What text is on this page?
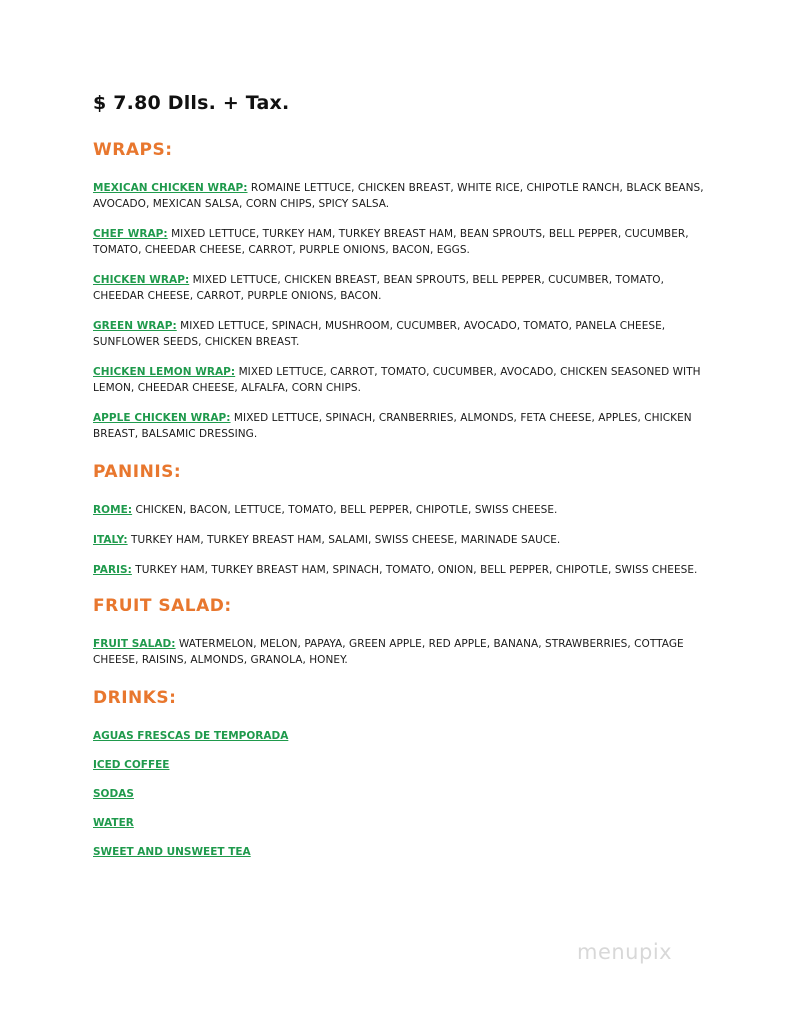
$ 7.80 Dlls. + Tax.
WRAPS:

MEXICAN CHICKEN WRAP: ROMAINE LETTUCE, CHICKEN BREAST, WHITE RICE, CHIPOTLE RANCH, BLACK BEANS, AVOCADO, MEXICAN SALSA, CORN CHIPS, SPICY SALSA.

CHEF WRAP: MIXED LETTUCE, TURKEY HAM, TURKEY BREAST HAM, BEAN SPROUTS, BELL PEPPER, CUCUMBER, TOMATO, CHEEDAR CHEESE, CARROT, PURPLE ONIONS, BACON, EGGS.

CHICKEN WRAP: MIXED LETTUCE, CHICKEN BREAST, BEAN SPROUTS, BELL PEPPER, CUCUMBER, TOMATO, CHEEDAR CHEESE, CARROT, PURPLE ONIONS, BACON.

GREEN WRAP: MIXED LETTUCE, SPINACH, MUSHROOM, CUCUMBER, AVOCADO, TOMATO, PANELA CHEESE, SUNFLOWER SEEDS, CHICKEN BREAST.

CHICKEN LEMON WRAP: MIXED LETTUCE, CARROT, TOMATO, CUCUMBER, AVOCADO, CHICKEN SEASONED WITH LEMON, CHEEDAR CHEESE, ALFALFA, CORN CHIPS.

APPLE CHICKEN WRAP: MIXED LETTUCE, SPINACH, CRANBERRIES, ALMONDS, FETA CHEESE, APPLES, CHICKEN BREAST, BALSAMIC DRESSING.

PANINIS:

ROME: CHICKEN, BACON, LETTUCE, TOMATO, BELL PEPPER, CHIPOTLE, SWISS CHEESE.

ITALY: TURKEY HAM, TURKEY BREAST HAM, SALAMI, SWISS CHEESE, MARINADE SAUCE.

PARIS: TURKEY HAM, TURKEY BREAST HAM, SPINACH, TOMATO, ONION, BELL PEPPER, CHIPOTLE, SWISS CHEESE.

FRUIT SALAD:

FRUIT SALAD: WATERMELON, MELON, PAPAYA, GREEN APPLE, RED APPLE, BANANA, STRAWBERRIES, COTTAGE CHEESE, RAISINS, ALMONDS, GRANOLA, HONEY.

DRINKS:
AGUAS FRESCAS DE TEMPORADA
ICED COFFEE
SODAS
WATER
SWEET AND UNSWEET TEA
menupix
